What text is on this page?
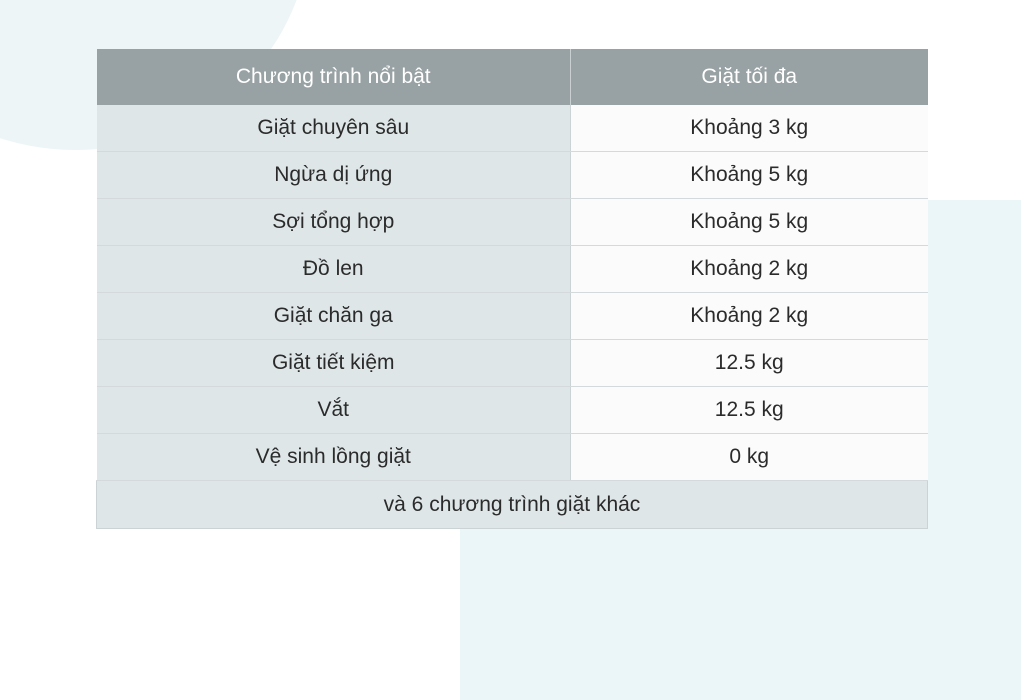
Chương trình nổi bật	Giặt tối đa
Giặt chuyên sâu	Khoảng 3 kg
Ngừa dị ứng	Khoảng 5 kg
Sợi tổng hợp	Khoảng 5 kg
Đồ len	Khoảng 2 kg
Giặt chăn ga	Khoảng 2 kg
Giặt tiết kiệm	12.5 kg
Vắt	12.5 kg
Vệ sinh lồng giặt	0 kg
và 6 chương trình giặt khác	
